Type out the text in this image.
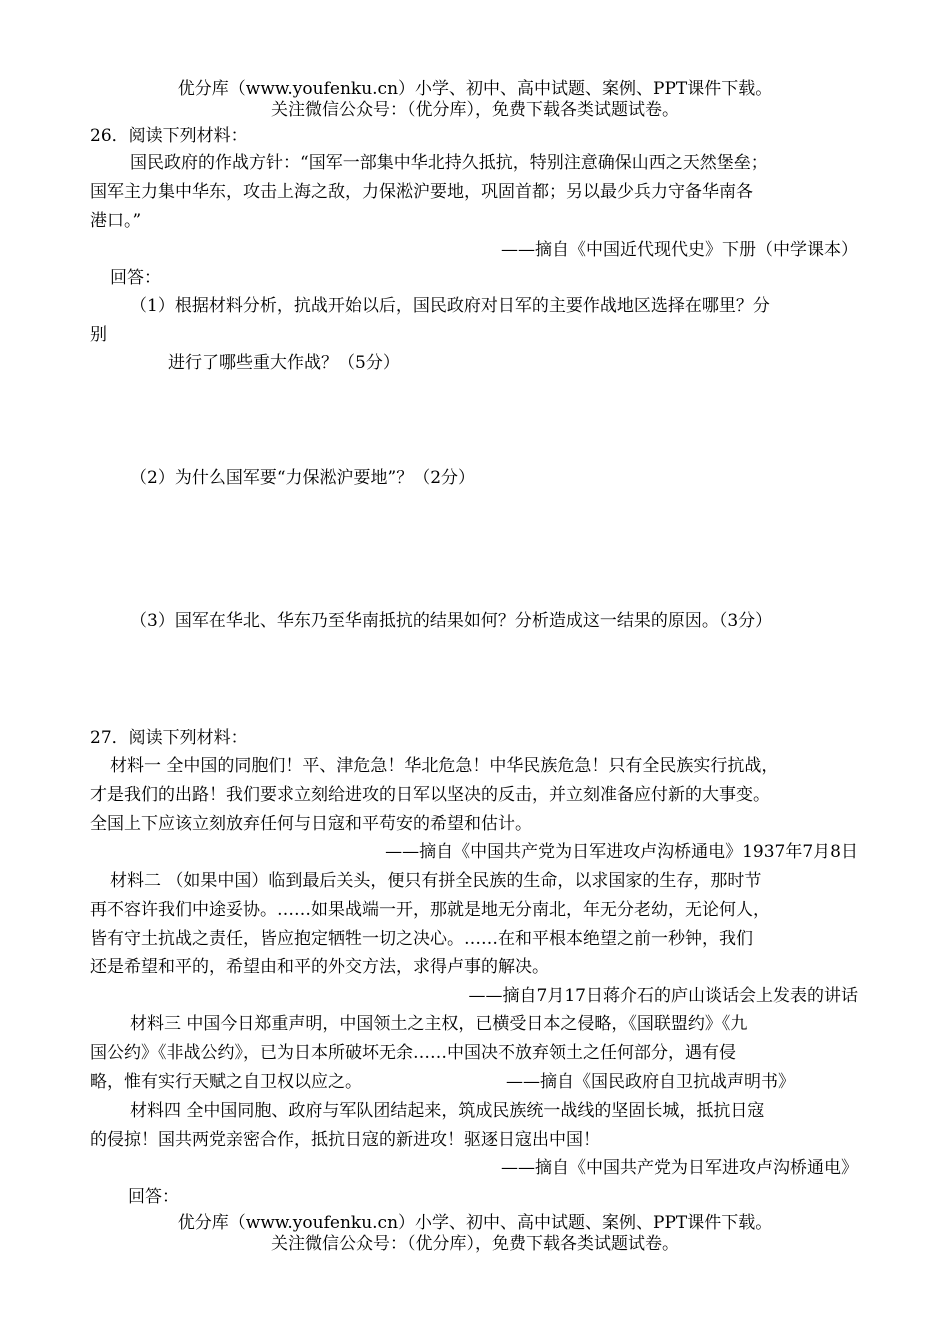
优分库（www.youfenku.cn）小学、初中、高中试题、案例、PPT课件下载。
关注微信公众号：（优分库），免费下载各类试题试卷。
26．阅读下列材料：
国民政府的作战方针：“国军一部集中华北持久抵抗，特别注意确保山西之天然堡垒；
国军主力集中华东，攻击上海之敌，力保淞沪要地，巩固首都；另以最少兵力守备华南各
港口。”
——摘自《中国近代现代史》下册（中学课本）
回答：
（1）根据材料分析，抗战开始以后，国民政府对日军的主要作战地区选择在哪里？分
别
进行了哪些重大作战？（5分）
（2）为什么国军要“力保淞沪要地”？（2分）
（3）国军在华北、华东乃至华南抵抗的结果如何？分析造成这一结果的原因。（3分）
27．阅读下列材料：
材料一 全中国的同胞们！平、津危急！华北危急！中华民族危急！只有全民族实行抗战，
才是我们的出路！我们要求立刻给进攻的日军以坚决的反击，并立刻准备应付新的大事变。
全国上下应该立刻放弃任何与日寇和平苟安的希望和估计。
——摘自《中国共产党为日军进攻卢沟桥通电》1937年7月8日
材料二 （如果中国）临到最后关头，便只有拼全民族的生命，以求国家的生存，那时节
再不容许我们中途妥协。……如果战端一开，那就是地无分南北，年无分老幼，无论何人，
皆有守土抗战之责任，皆应抱定牺牲一切之决心。……在和平根本绝望之前一秒钟，我们
还是希望和平的，希望由和平的外交方法，求得卢事的解决。
——摘自7月17日蒋介石的庐山谈话会上发表的讲话
材料三 中国今日郑重声明，中国领土之主权，已横受日本之侵略，《国联盟约》《九
国公约》《非战公约》，已为日本所破坏无余……中国决不放弃领土之任何部分，遇有侵
略，惟有实行天赋之自卫权以应之。	——摘自《国民政府自卫抗战声明书》
材料四 全中国同胞、政府与军队团结起来，筑成民族统一战线的坚固长城，抵抗日寇
的侵掠！国共两党亲密合作，抵抗日寇的新进攻！驱逐日寇出中国！
——摘自《中国共产党为日军进攻卢沟桥通电》
回答：
优分库（www.youfenku.cn）小学、初中、高中试题、案例、PPT课件下载。
关注微信公众号：（优分库），免费下载各类试题试卷。
